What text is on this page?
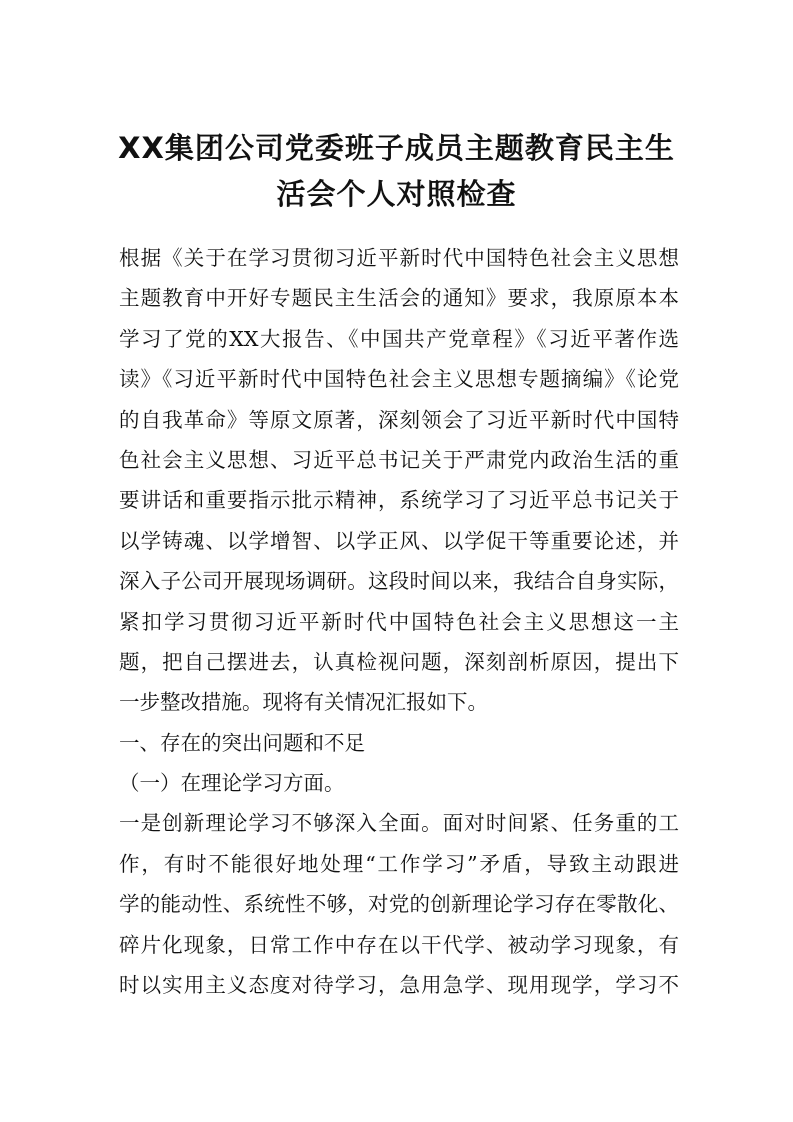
XX集团公司党委班子成员主题教育民主生
活会个人对照检查
根据《关于在学习贯彻习近平新时代中国特色社会主义思想
主题教育中开好专题民主生活会的通知》要求，我原原本本
学习了党的XX大报告、《中国共产党章程》《习近平著作选
读》《习近平新时代中国特色社会主义思想专题摘编》《论党
的自我革命》等原文原著，深刻领会了习近平新时代中国特
色社会主义思想、习近平总书记关于严肃党内政治生活的重
要讲话和重要指示批示精神，系统学习了习近平总书记关于
以学铸魂、以学增智、以学正风、以学促干等重要论述，并
深入子公司开展现场调研。这段时间以来，我结合自身实际，
紧扣学习贯彻习近平新时代中国特色社会主义思想这一主
题，把自己摆进去，认真检视问题，深刻剖析原因，提出下
一步整改措施。现将有关情况汇报如下。
一、存在的突出问题和不足
（一）在理论学习方面。
一是创新理论学习不够深入全面。面对时间紧、任务重的工
作，有时不能很好地处理“工作学习”矛盾，导致主动跟进
学的能动性、系统性不够，对党的创新理论学习存在零散化、
碎片化现象，日常工作中存在以干代学、被动学习现象，有
时以实用主义态度对待学习，急用急学、现用现学，学习不
